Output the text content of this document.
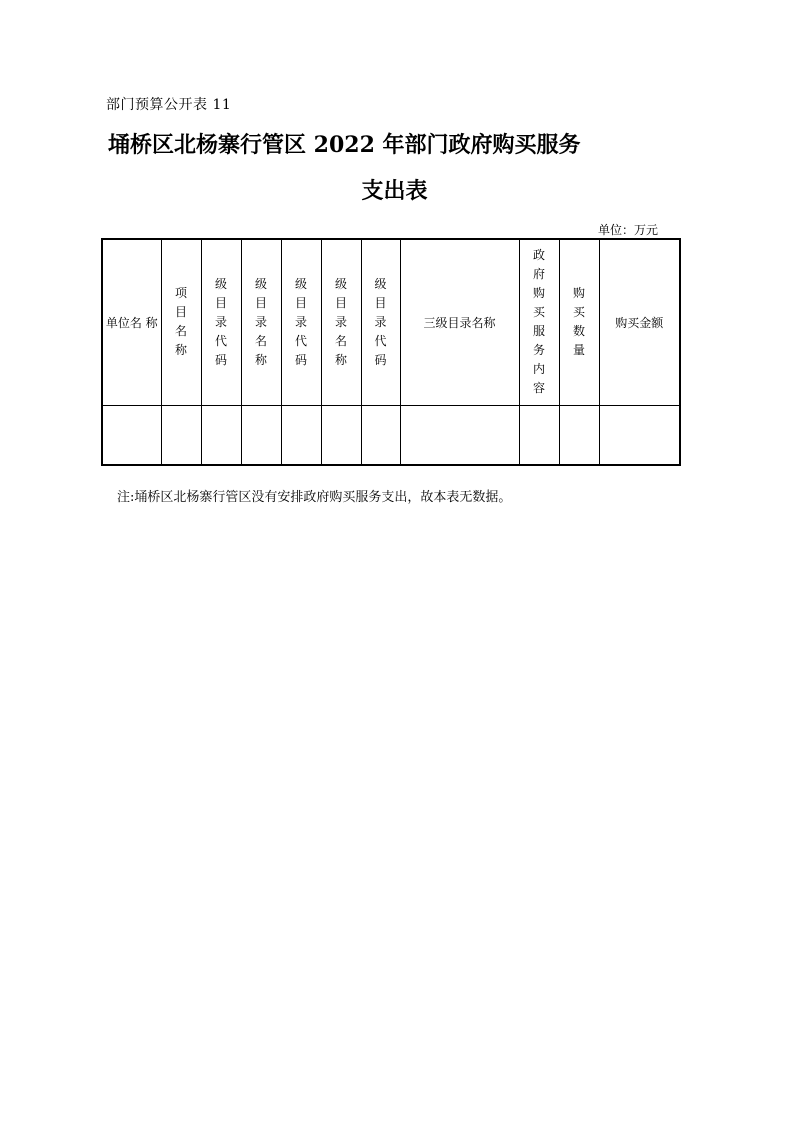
部门预算公开表 11
埇桥区北杨寨行管区 2022 年部门政府购买服务
支出表
单位：万元
单位名 称	项目名称	级目录代码	级目录名称	级目录代码	级目录名称	级目录代码	三级目录名称	政府购买服务内容	购买数量	购买金额

注:埇桥区北杨寨行管区没有安排政府购买服务支出，故本表无数据。
